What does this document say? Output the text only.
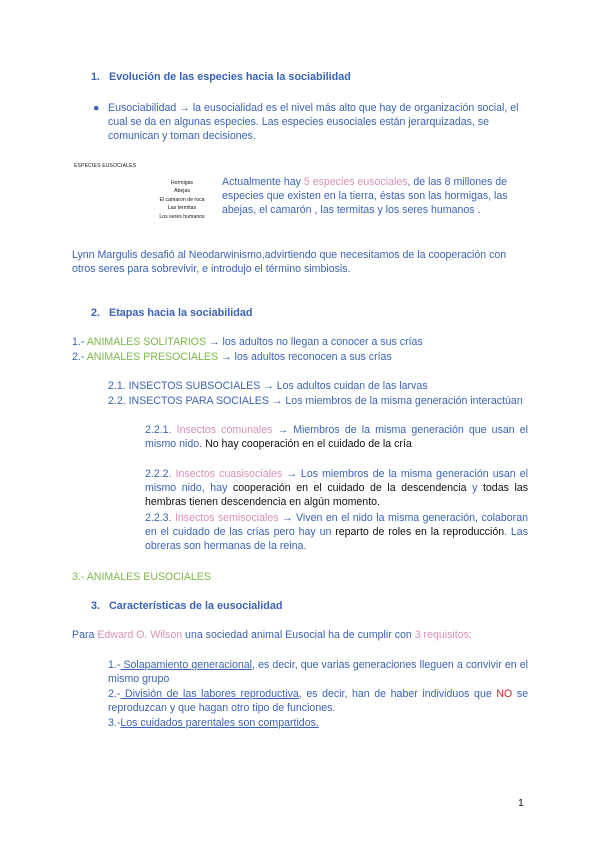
1. Evolución de las especies hacia la sociabilidad
● Eusociabilidad → la eusocialidad es el nivel más alto que hay de organización social, el cual se da en algunas especies. Las especies eusociales están jerarquizadas, se comunican y toman decisiones.
ESPECIES EUSOCIALES
Hormigas
Abejas
El camaron de roca
Las termitas
Los seres humanos
Actualmente hay 5 especies eusociales, de las 8 millones de especies que existen en la tierra, éstas son las hormigas, las abejas, el camarón , las termitas y los seres humanos .
Lynn Margulis desafió al Neodarwinismo,advirtiendo que necesitamos de la cooperación con otros seres para sobrevivir, e introdujo el término simbiosis.
2. Etapas hacia la sociabilidad
1.- ANIMALES SOLITARIOS → los adultos no llegan a conocer a sus crías
2.- ANIMALES PRESOCIALES → los adultos reconocen a sus crías
2.1. INSECTOS SUBSOCIALES → Los adultos cuidan de las larvas
2.2. INSECTOS PARA SOCIALES → Los miembros de la misma generación interactúan
2.2.1. Insectos comunales → Miembros de la misma generación que usan el mismo nido. No hay cooperación en el cuidado de la cría
2.2.2. Insectos cuasisociales → Los miembros de la misma generación usan el mismo nido, hay cooperación en el cuidado de la descendencia y todas las hembras tienen descendencia en algún momento.
2.2.3. Insectos semisociales → Viven en el nido la misma generación, colaboran en el cuidado de las crías pero hay un reparto de roles en la reproducción. Las obreras son hermanas de la reina.
3.- ANIMALES EUSOCIALES
3. Características de la eusocialidad
Para Edward O. Wilson una sociedad animal Eusocial ha de cumplir con 3 requisitos:
1.- Solapamiento generacional, es decir, que varias generaciones lleguen a convivir en el mismo grupo
2.- División de las labores reproductiva, es decir, han de haber individuos que NO se reproduzcan y que hagan otro tipo de funciones.
3.-Los cuidados parentales son compartidos.
1
